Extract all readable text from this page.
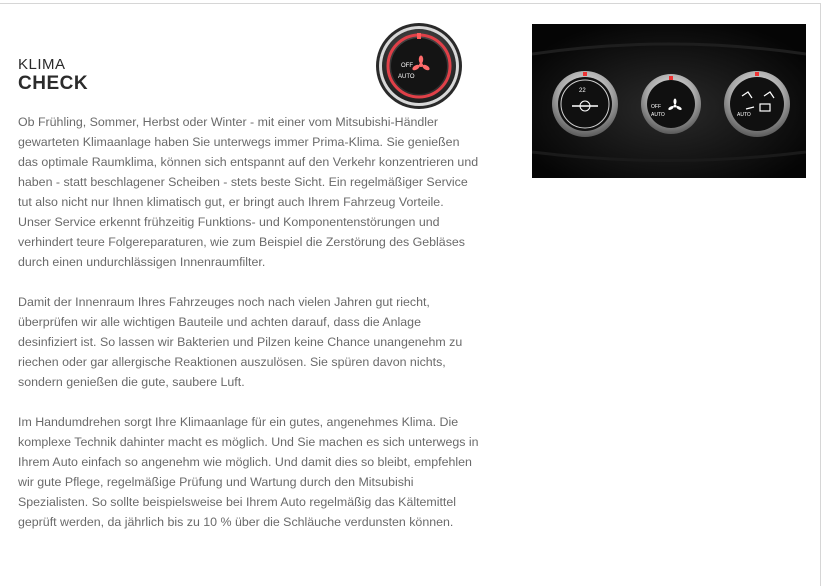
KLIMA
CHECK
OFF
AUTO

Ob Frühling, Sommer, Herbst oder Winter - mit einer vom Mitsubishi-Händler gewarteten Klimaanlage haben Sie unterwegs immer Prima-Klima. Sie genießen das optimale Raumklima, können sich entspannt auf den Verkehr konzentrieren und haben - statt beschlagener Scheiben - stets beste Sicht. Ein regelmäßiger Service tut also nicht nur Ihnen klimatisch gut, er bringt auch Ihrem Fahrzeug Vorteile. Unser Service erkennt frühzeitig Funktions- und Komponentenstörungen und verhindert teure Folgereparaturen, wie zum Beispiel die Zerstörung des Gebläses durch einen undurchlässigen Innenraumfilter.

Damit der Innenraum Ihres Fahrzeuges noch nach vielen Jahren gut riecht, überprüfen wir alle wichtigen Bauteile und achten darauf, dass die Anlage desinfiziert ist. So lassen wir Bakterien und Pilzen keine Chance unangenehm zu riechen oder gar allergische Reaktionen auszulösen. Sie spüren davon nichts, sondern genießen die gute, saubere Luft.

Im Handumdrehen sorgt Ihre Klimaanlage für ein gutes, angenehmes Klima. Die komplexe Technik dahinter macht es möglich. Und Sie machen es sich unterwegs in Ihrem Auto einfach so angenehm wie möglich. Und damit dies so bleibt, empfehlen wir gute Pflege, regelmäßige Prüfung und Wartung durch den Mitsubishi Spezialisten. So sollte beispielsweise bei Ihrem Auto regelmäßig das Kältemittel geprüft werden, da jährlich bis zu 10 % über die Schläuche verdunsten können.

22
OFF
AUTO	AUTO
